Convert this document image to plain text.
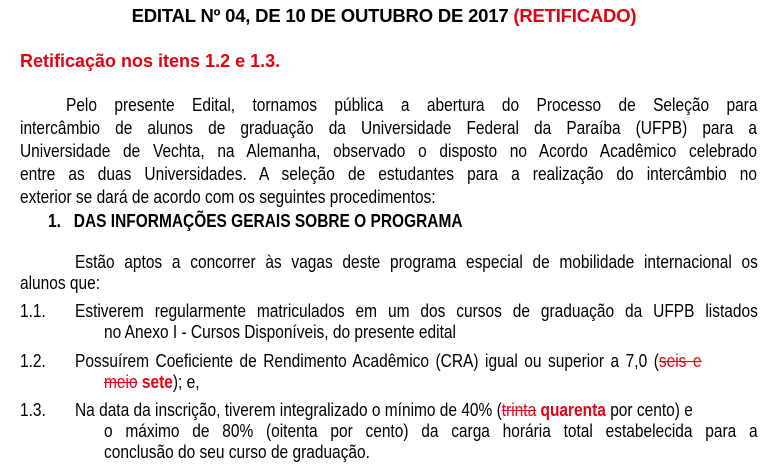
EDITAL Nº 04, DE 10 DE OUTUBRO DE 2017 (RETIFICADO)
Retificação nos itens 1.2 e 1.3.
Pelo presente Edital, tornamos pública a abertura do Processo de Seleção para
intercâmbio de alunos de graduação da Universidade Federal da Paraíba (UFPB) para a
Universidade de Vechta, na Alemanha, observado o disposto no Acordo Acadêmico celebrado
entre as duas Universidades. A seleção de estudantes para a realização do intercâmbio no
exterior se dará de acordo com os seguintes procedimentos:
1. DAS INFORMAÇÕES GERAIS SOBRE O PROGRAMA
Estão aptos a concorrer às vagas deste programa especial de mobilidade internacional os
alunos que:
1.1. Estiverem regularmente matriculados em um dos cursos de graduação da UFPB listados
no Anexo I - Cursos Disponíveis, do presente edital
1.2. Possuírem Coeficiente de Rendimento Acadêmico (CRA) igual ou superior a 7,0 (seis e
meio sete); e,
1.3. Na data da inscrição, tiverem integralizado o mínimo de 40% (trinta quarenta por cento) e
o máximo de 80% (oitenta por cento) da carga horária total estabelecida para a
conclusão do seu curso de graduação.
